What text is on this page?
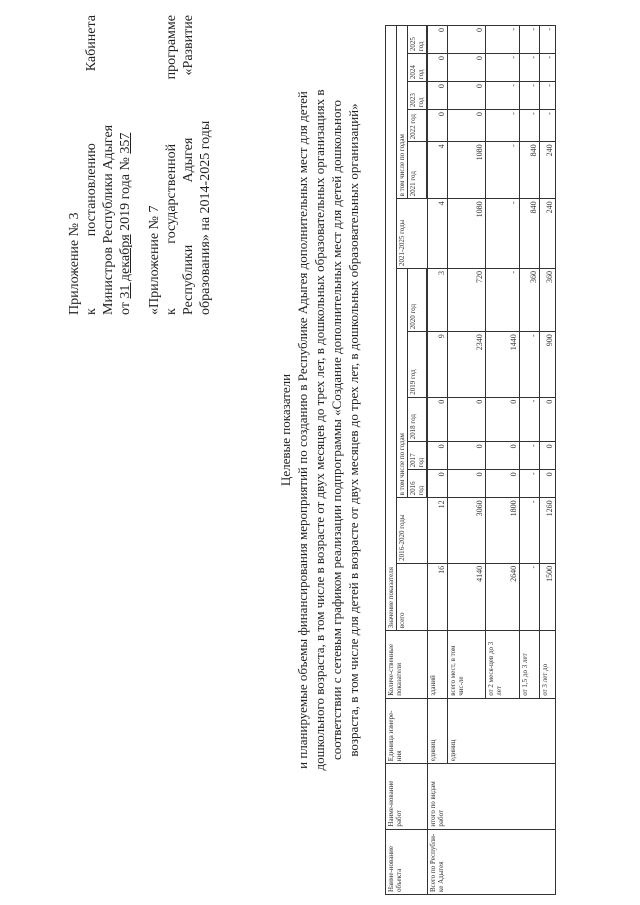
Приложение № 3 к
постановлению
Кабинета
Министров Республики Адыгея от 31 декабря 2019 года № 357
«Приложение № 7 к
государственной
программе
Республики
Адыгея
«Развитие
образования» на 2014-2025 годы
Целевые показатели и планируемые объемы финансирования мероприятий по созданию в Республике Адыгея дополнительных мест для детей дошкольного возраста, в том числе в возрасте от двух месяцев до трех лет, в дошкольных образовательных организациях в соответствии с сетевым графиком реализации подпрограммы «Создание дополнительных мест для детей дошкольного возраста, в том числе для детей в возрасте от двух месяцев до трех лет, в дошкольных образовательных организаций»
Наиме-нование объекта	Наиме-нование работ	Единица измере-ния	Количе-ственные показатели	Значение показателя												
				всего	2016-2020 годы	в том числе по годам					2021-2025 годы	в том числе по годам				
						2016 год	2017 год	2018 год	2019 год	2020 год		2021 год	2022 год	2023 год	2024 год	2025 год

Всего по Республи-ке Адыгея	итого по видам работ	единиц	зданий	16	12	0	0	0	9	3	4	4	0	0	0	0
		единиц	всего мест, в том чис-ле	4140	3060	0	0	0	2340	720	1080	1080	0	0	0	0
			от 2 меся-цев до 3 лет	2640	1800	0	0	0	1440	-	-	-	-	-	-	-
			от 1,5 до 3 лет	-	-	-	-	-	-	360	840	840	-	-	-	-
			от 3 лет до	1500	1260	0	0	0	900	360	240	240	-	-	-	-
